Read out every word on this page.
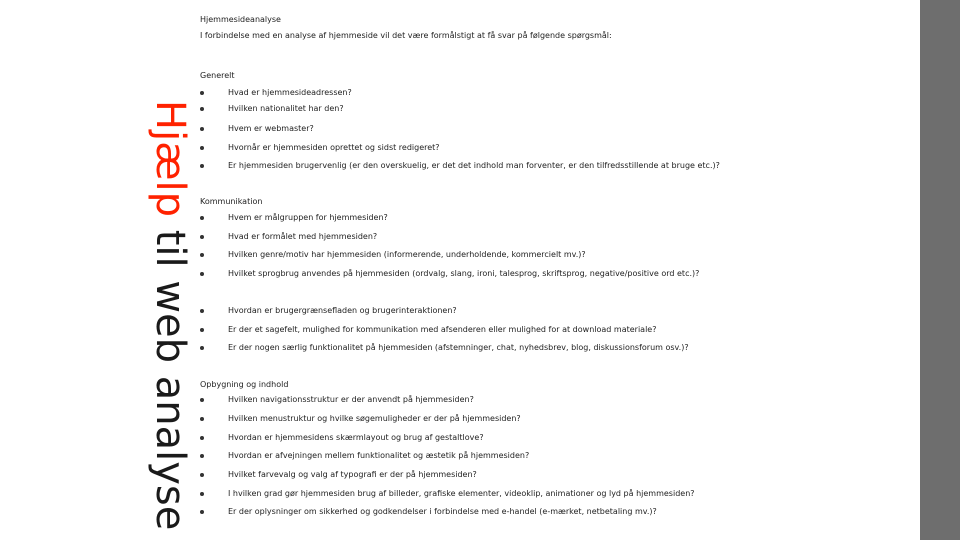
Hjemmesideanalyse
I forbindelse med en analyse af hjemmeside vil det være formålstigt at få svar på følgende spørgsmål:
Hjælp til web analyse
Generelt
Hvad er hjemmesideadressen?
Hvilken nationalitet har den?
Hvem er webmaster?
Hvornår er hjemmesiden oprettet og sidst redigeret?
Er hjemmesiden brugervenlig (er den overskuelig, er det det indhold man forventer, er den tilfredsstillende at bruge etc.)?
Kommunikation
Hvem er målgruppen for hjemmesiden?
Hvad er formålet med hjemmesiden?
Hvilken genre/motiv har hjemmesiden (informerende, underholdende, kommercielt mv.)?
Hvilket sprogbrug anvendes på hjemmesiden (ordvalg, slang, ironi, talesprog, skriftsprog, negative/positive ord etc.)?
Hvordan er brugergrænsefladen og brugerinteraktionen?
Er der et sagefelt, mulighed for kommunikation med afsenderen eller mulighed for at download materiale?
Er der nogen særlig funktionalitet på hjemmesiden (afstemninger, chat, nyhedsbrev, blog, diskussionsforum osv.)?
Opbygning og indhold
Hvilken navigationsstruktur er der anvendt på hjemmesiden?
Hvilken menustruktur og hvilke søgemuligheder er der på hjemmesiden?
Hvordan er hjemmesidens skærmlayout og brug af gestaltlove?
Hvordan er afvejningen mellem funktionalitet og æstetik på hjemmesiden?
Hvilket farvevalg og valg af typografi er der på hjemmesiden?
I hvilken grad gør hjemmesiden brug af billeder, grafiske elementer, videoklip, animationer og lyd på hjemmesiden?
Er der oplysninger om sikkerhed og godkendelser i forbindelse med e-handel (e-mærket, netbetaling mv.)?
